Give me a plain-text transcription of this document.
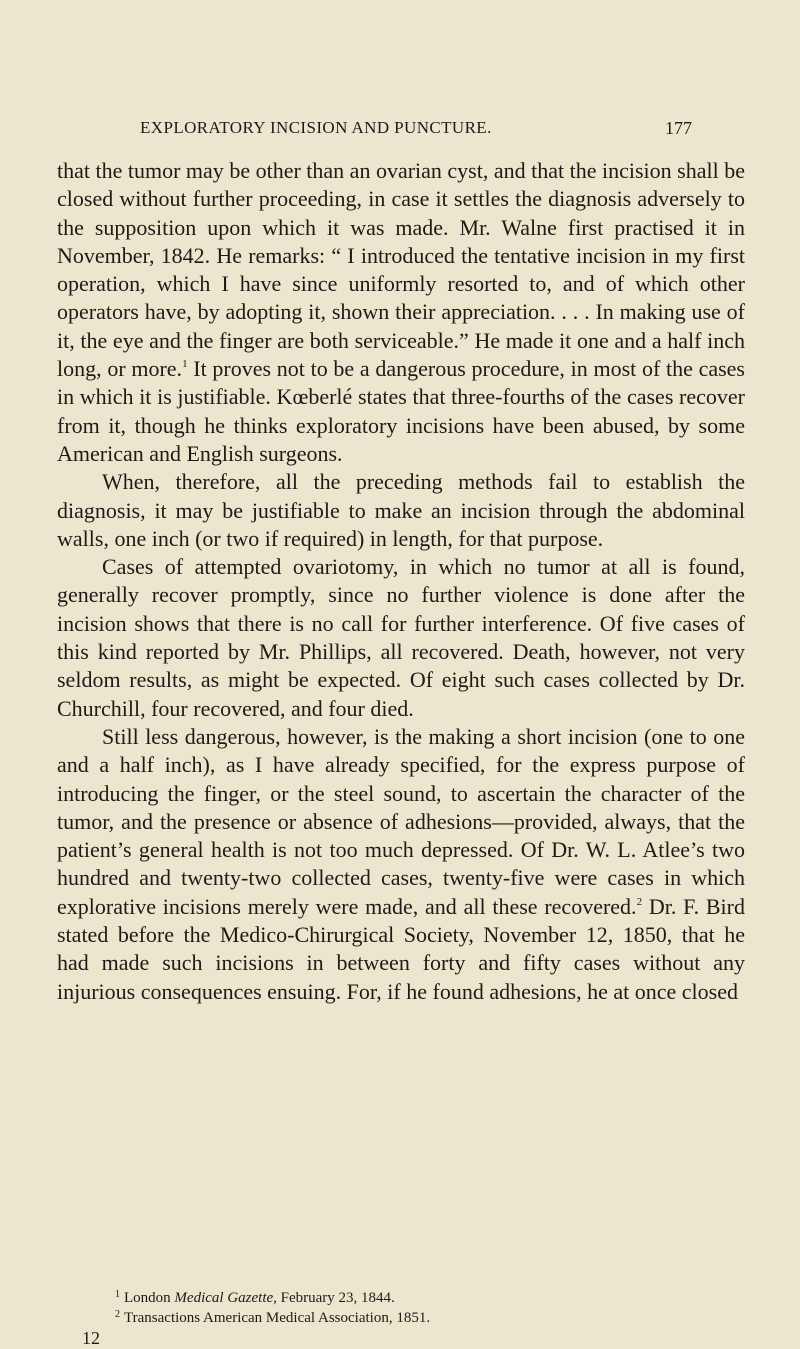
EXPLORATORY INCISION AND PUNCTURE.	177

that the tumor may be other than an ovarian cyst, and that the incision shall be closed without further proceeding, in case it settles the diagnosis adversely to the supposition upon which it was made. Mr. Walne first practised it in November, 1842. He remarks: “ I introduced the tentative incision in my first operation, which I have since uniformly resorted to, and of which other operators have, by adopting it, shown their appreciation. . . . In making use of it, the eye and the finger are both serviceable.” He made it one and a half inch long, or more.$^1$ It proves not to be a dangerous procedure, in most of the cases in which it is justifiable. Kœberlé states that three-fourths of the cases recover from it, though he thinks exploratory incisions have been abused, by some American and English surgeons.

When, therefore, all the preceding methods fail to establish the diagnosis, it may be justifiable to make an incision through the abdominal walls, one inch (or two if required) in length, for that purpose.

Cases of attempted ovariotomy, in which no tumor at all is found, generally recover promptly, since no further violence is done after the incision shows that there is no call for further interference. Of five cases of this kind reported by Mr. Phillips, all recovered. Death, however, not very seldom results, as might be expected. Of eight such cases collected by Dr. Churchill, four recovered, and four died.

Still less dangerous, however, is the making a short incision (one to one and a half inch), as I have already specified, for the express purpose of introducing the finger, or the steel sound, to ascertain the character of the tumor, and the presence or absence of adhesions—provided, always, that the patient’s general health is not too much depressed. Of Dr. W. L. Atlee’s two hundred and twenty-two collected cases, twenty-five were cases in which explorative incisions merely were made, and all these recovered.$^2$ Dr. F. Bird stated before the Medico-Chirurgical Society, November 12, 1850, that he had made such incisions in between forty and fifty cases without any injurious consequences ensuing. For, if he found adhesions, he at once closed

$^1$ London Medical Gazette, February 23, 1844.
$^2$ Transactions American Medical Association, 1851.
12
